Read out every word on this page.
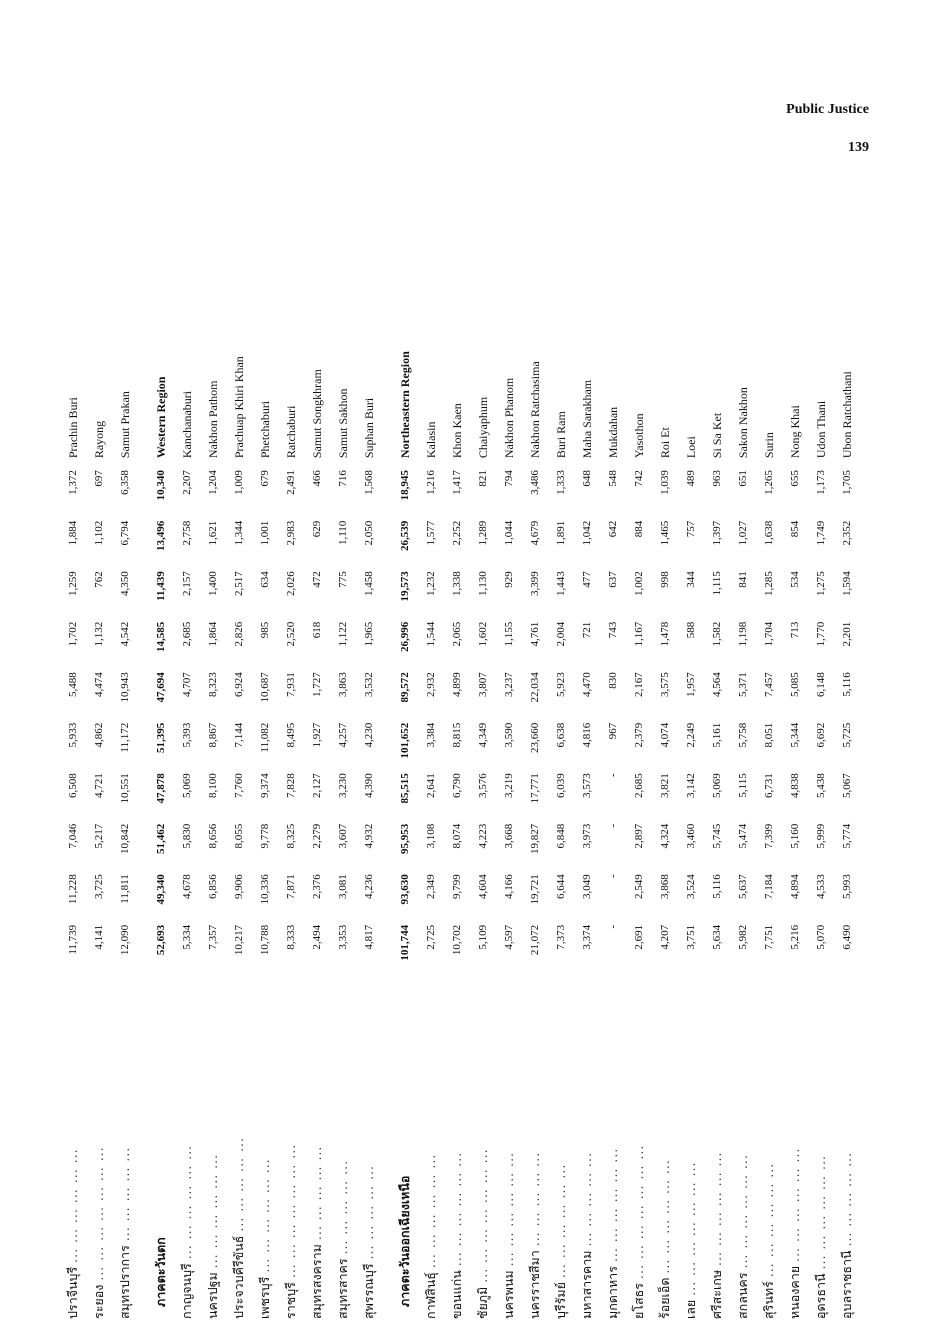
Public Justice
139
ปราจีนบุรี ... ... ... ... ... ...	11,739	11,228	7,046	6,508	5,933	5,488	1,702	1,259	1,884	1,372	Prachin Buri
ระยอง ... ... ... ... ... ... ...	4,141	3,725	5,217	4,721	4,862	4,474	1,132	762	1,102	697	Rayong
สมุทรปราการ ... ... ... ... ...	12,090	11,811	10,842	10,551	11,172	10,943	4,542	4,350	6,794	6,358	Samut Prakan

ภาคตะวันตก	52,693	49,340	51,462	47,878	51,395	47,694	14,585	11,439	13,496	10,340	Western Region
กาญจนบุรี ... ... ... ... ... ...	5,334	4,678	5,830	5,069	5,393	4,707	2,685	2,157	2,758	2,207	Kanchanaburi
นครปฐม ... ... ... ... ... ...	7,357	6,856	8,656	8,100	8,867	8,323	1,864	1,400	1,621	1,204	Nakhon Pathom
ประจวบคีรีขันธ์ ... ... ... ... ...	10,217	9,906	8,055	7,760	7,144	6,924	2,826	2,517	1,344	1,009	Prachuap Khiri Khan
เพชรบุรี ... ... ... ... ... ...	10,788	10,336	9,778	9,374	11,082	10,687	985	634	1,001	679	Phetchaburi
ราชบุรี ... ... ... ... ... ... ...	8,333	7,871	8,325	7,828	8,495	7,931	2,520	2,026	2,983	2,491	Ratchaburi
สมุทรสงคราม ... ... ... ... ...	2,494	2,376	2,279	2,127	1,927	1,727	618	472	629	466	Samut Songkhram
สมุทรสาคร ... ... ... ... ...	3,353	3,081	3,607	3,230	4,257	3,863	1,122	775	1,110	716	Samut Sakhon
สุพรรณบุรี ... ... ... ... ...	4,817	4,236	4,932	4,390	4,230	3,532	1,965	1,458	2,050	1,568	Suphan Buri

ภาคตะวันออกเฉียงเหนือ	101,744	93,630	95,953	85,515	101,652	89,572	26,996	19,573	26,539	18,945	Northeastern Region
กาฬสินธุ์ ... ... ... ... ... ...	2,725	2,349	3,108	2,641	3,384	2,932	1,544	1,232	1,577	1,216	Kalasin
ขอนแก่น ... ... ... ... ... ...	10,702	9,799	8,074	6,790	8,815	4,899	2,065	1,338	2,252	1,417	Khon Kaen
ชัยภูมิ ... ... ... ... ... ... ...	5,109	4,604	4,223	3,576	4,349	3,807	1,602	1,130	1,289	821	Chaiyaphum
นครพนม ... ... ... ... ... ...	4,597	4,166	3,668	3,219	3,590	3,237	1,155	929	1,044	794	Nakhon Phanom
นครราชสีมา ... ... ... ... ...	21,072	19,721	19,827	17,771	23,660	22,034	4,761	3,399	4,679	3,486	Nakhon Ratchasima
บุรีรัมย์ ... ... ... ... ... ...	7,373	6,644	6,848	6,039	6,638	5,923	2,004	1,443	1,891	1,333	Buri Ram
มหาสารคาม ... ... ... ... ...	3,374	3,049	3,973	3,573	4,816	4,470	721	477	1,042	648	Maha Sarakham
มุกดาหาร ... ... ... ... ... ...	-	-	-	-	967	830	743	637	642	548	Mukdahan
ยโสธร ... ... ... ... ... ... ...	2,691	2,549	2,897	2,685	2,379	2,167	1,167	1,002	884	742	Yasothon
ร้อยเอ็ด ... ... ... ... ... ...	4,207	3,868	4,324	3,821	4,074	3,575	1,478	998	1,465	1,039	Roi Et
เลย ... ... ... ... ... ... ...	3,751	3,524	3,460	3,142	2,249	1,957	588	344	757	489	Loei
ศรีสะเกษ ... ... ... ... ... ...	5,634	5,116	5,745	5,069	5,161	4,564	1,582	1,115	1,397	963	Si Sa Ket
สกลนคร ... ... ... ... ... ...	5,982	5,637	5,474	5,115	5,758	5,371	1,198	841	1,027	651	Sakon Nakhon
สุรินทร์ ... ... ... ... ... ...	7,751	7,184	7,399	6,731	8,051	7,457	1,704	1,285	1,638	1,265	Surin
หนองคาย ... ... ... ... ... ...	5,216	4,894	5,160	4,838	5,344	5,085	713	534	854	655	Nong Khai
อุดรธานี ... ... ... ... ... ...	5,070	4,533	5,999	5,438	6,692	6,148	1,770	1,275	1,749	1,173	Udon Thani
อุบลราชธานี ... ... ... ... ...	6,490	5,993	5,774	5,067	5,725	5,116	2,201	1,594	2,352	1,705	Ubon Ratchathani
